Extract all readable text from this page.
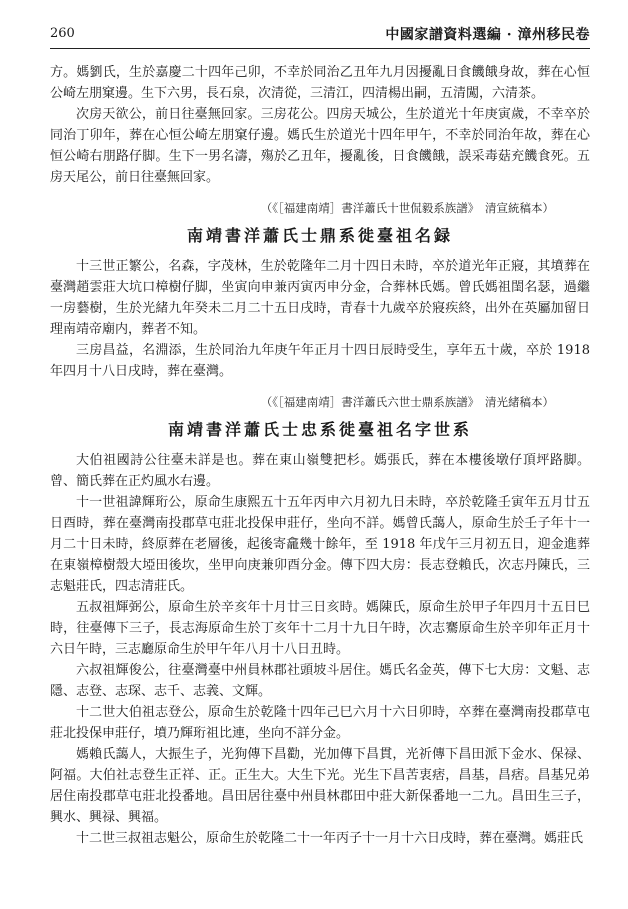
260	中國家譜資料選編 · 漳州移民卷

方。媽劉氏，生於嘉慶二十四年己卯，不幸於同治乙丑年九月因擾亂日食饑餓身故，葬在心恒公崎左朋窠邊。生下六男，長石泉，次清從，三清江，四清楊出嗣，五清闖，六清茶。

次房天欲公，前日往臺無回家。三房花公。四房天城公，生於道光十年庚寅歲，不幸卒於同治丁卯年，葬在心恒公崎左朋窠仔邊。媽氏生於道光十四年甲午，不幸於同治年故，葬在心恒公崎右朋路仔脚。生下一男名濤，殤於乙丑年，擾亂後，日食饑餓，誤采毒菇充饑食死。五房天尾公，前日往臺無回家。

（《［福建南靖］書洋蕭氏十世侃毅系族譜》　清宣統稿本）
南靖書洋蕭氏士鼎系徙臺祖名録

十三世正繁公，名森，字茂林，生於乾隆年二月十四日未時，卒於道光年正寢，其墳葬在臺灣趙雲莊大坑口樟樹仔脚，坐寅向申兼丙寅丙申分金，合葬林氏媽。曾氏媽祖閨名瑟，過繼一房藝樹，生於光緒九年癸未二月二十五日戌時，青春十九歲卒於寢疾終，出外在英屬加留日理南靖帝廟内，葬者不知。

三房昌益，名淵添，生於同治九年庚午年正月十四日辰時受生，享年五十歲，卒於 1918 年四月十八日戌時，葬在臺灣。

（《［福建南靖］書洋蕭氏六世士鼎系族譜》　清光緒稿本）
南靖書洋蕭氏士忠系徙臺祖名字世系

大伯祖國詩公往臺未詳是也。葬在東山嶺雙把杉。媽張氏，葬在本樓後墩仔頂坪路脚。曾、簡氏葬在正灼風水右邊。

十一世祖諱輝珩公，原命生康熙五十五年丙申六月初九日未時，卒於乾隆壬寅年五月廿五日酉時，葬在臺灣南投郡草屯莊北投保申莊仔，坐向不詳。媽曾氏藹人，原命生於壬子年十一月二十日未時，終原葬在老層後，起後寄龕幾十餘年，至 1918 年戊午三月初五日，迎金進葬在東嶺樟樹殼大埡田後坎，坐甲向庚兼卯酉分金。傳下四大房：長志登賴氏，次志丹陳氏，三志魁莊氏，四志清莊氏。

五叔祖輝弼公，原命生於辛亥年十月廿三日亥時。媽陳氏，原命生於甲子年四月十五日巳時，往臺傳下三子，長志海原命生於丁亥年十二月十九日午時，次志騫原命生於辛卯年正月十六日午時，三志廳原命生於甲午年八月十八日丑時。

六叔祖輝俊公，往臺灣臺中州員林郡社頭坡斗居住。媽氏名金英，傳下七大房：文魁、志隱、志登、志琛、志千、志義、文輝。

十二世大伯祖志登公，原命生於乾隆十四年己巳六月十六日卯時，卒葬在臺灣南投郡草屯莊北投保申莊仔，墳乃輝珩祖比連，坐向不詳分金。

媽賴氏藹人，大振生子，光狗傳下昌勸，光加傳下昌貫，光祈傳下昌田派下金水、保禄、阿福。大伯社志登生正祥、正。正生大。大生下光。光生下昌苦衷痞，昌基，昌痞。昌基兄弟居住南投郡草屯莊北投番地。昌田居往臺中州員林郡田中莊大新保番地一二九。昌田生三子，興水、興禄、興福。

十二世三叔祖志魁公，原命生於乾隆二十一年丙子十一月十六日戌時，葬在臺灣。媽莊氏
